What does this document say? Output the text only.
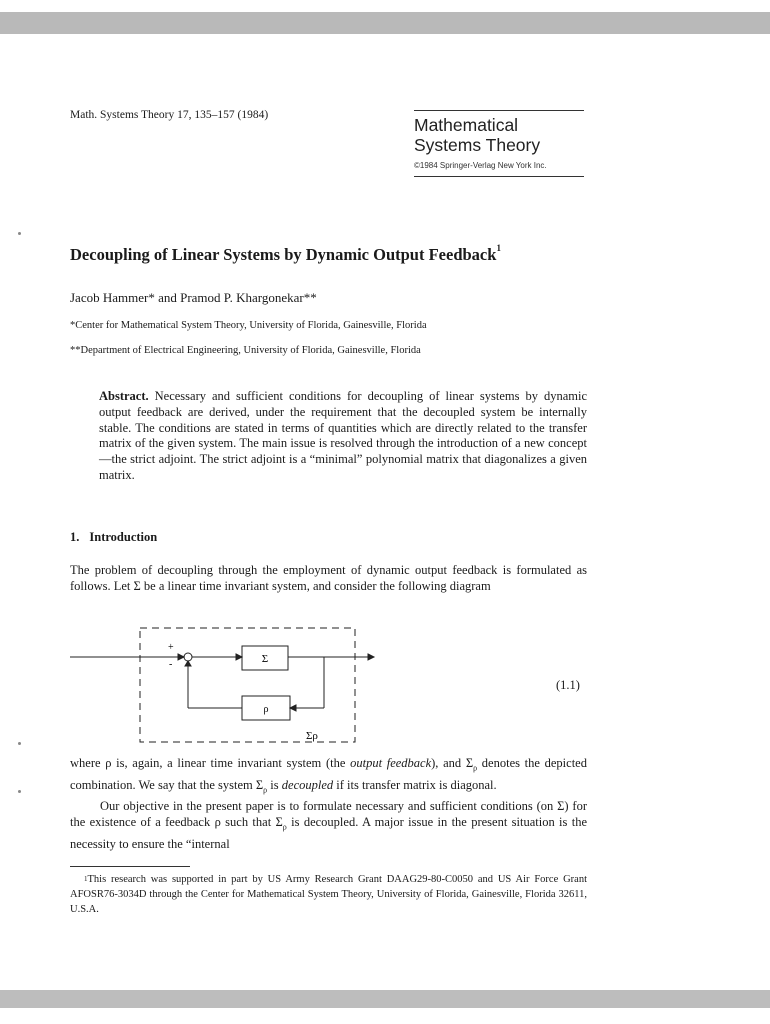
Math. Systems Theory 17, 135–157 (1984)	Mathematical
Systems Theory
©1984 Springer-Verlag New York Inc.
Decoupling of Linear Systems by Dynamic Output Feedback$^1$
Jacob Hammer* and Pramod P. Khargonekar**
*Center for Mathematical System Theory, University of Florida, Gainesville, Florida
**Department of Electrical Engineering, University of Florida, Gainesville, Florida
Abstract. Necessary and sufficient conditions for decoupling of linear systems by dynamic output feedback are derived, under the requirement that the decoupled system be internally stable. The conditions are stated in terms of quantities which are directly related to the transfer matrix of the given system. The main issue is resolved through the introduction of a new concept —the strict adjoint. The strict adjoint is a “minimal” polynomial matrix that diagonalizes a given matrix.
1. Introduction
The problem of decoupling through the employment of dynamic output feedback is formulated as follows. Let Σ be a linear time invariant system, and consider the following diagram
+
-	Σ
ρ
Σρ
(1.1)
where ρ is, again, a linear time invariant system (the output feedback), and $\Sigma_\rho$ denotes the depicted combination. We say that the system $\Sigma_\rho$ is decoupled if its transfer matrix is diagonal.
Our objective in the present paper is to formulate necessary and sufficient conditions (on Σ) for the existence of a feedback ρ such that $\Sigma_\rho$ is decoupled. A major issue in the present situation is the necessity to ensure the “internal
$^1$This research was supported in part by US Army Research Grant DAAG29-80-C0050 and US Air Force Grant AFOSR76-3034D through the Center for Mathematical System Theory, University of Florida, Gainesville, Florida 32611, U.S.A.
